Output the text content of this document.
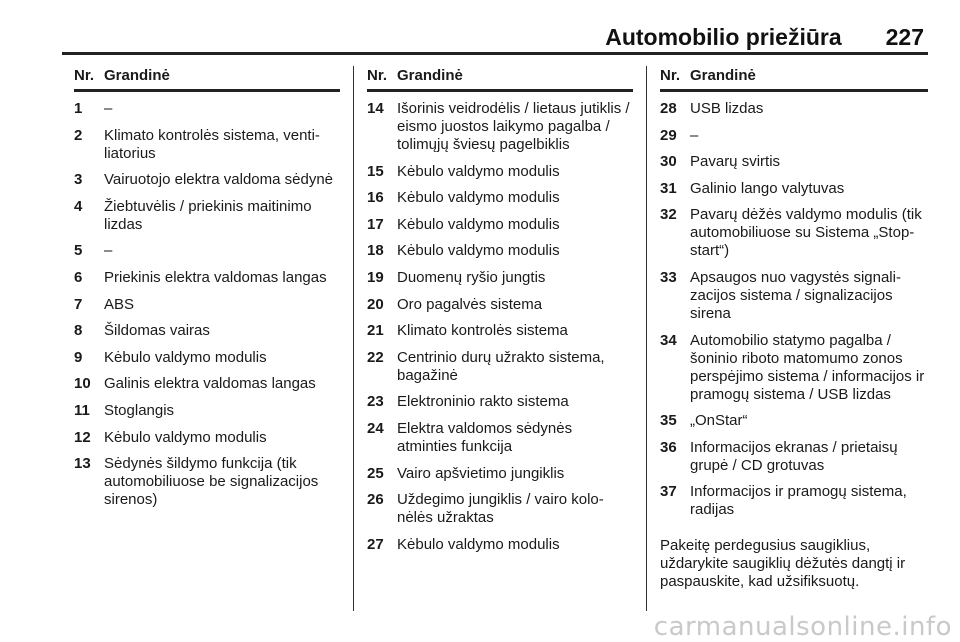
Automobilio priežiūra 227
Nr. Grandinė
1	–
2	Klimato kontrolės sistema, ventiliatorius
3	Vairuotojo elektra valdoma sėdynė
4	Žiebtuvėlis / priekinis maitinimo lizdas
5	–
6	Priekinis elektra valdomas langas
7	ABS
8	Šildomas vairas
9	Kėbulo valdymo modulis
10 Galinis elektra valdomas langas
11 Stoglangis
12 Kėbulo valdymo modulis
13 Sėdynės šildymo funkcija (tik automobiliuose be signalizacijos sirenos)
Nr. Grandinė
14 Išorinis veidrodėlis / lietaus jutiklis / eismo juostos laikymo pagalba / tolimųjų šviesų pagelbiklis
15 Kėbulo valdymo modulis
16 Kėbulo valdymo modulis
17 Kėbulo valdymo modulis
18 Kėbulo valdymo modulis
19 Duomenų ryšio jungtis
20 Oro pagalvės sistema
21 Klimato kontrolės sistema
22 Centrinio durų užrakto sistema, bagažinė
23 Elektroninio rakto sistema
24 Elektra valdomos sėdynės atminties funkcija
25 Vairo apšvietimo jungiklis
26 Uždegimo jungiklis / vairo kolonėlės užraktas
27 Kėbulo valdymo modulis
Nr. Grandinė
28 USB lizdas
29 –
30 Pavarų svirtis
31 Galinio lango valytuvas
32 Pavarų dėžės valdymo modulis (tik automobiliuose su Sistema „Stop-start“)
33 Apsaugos nuo vagystės signalizacijos sistema / signalizacijos sirena
34 Automobilio statymo pagalba / šoninio riboto matomumo zonos perspėjimo sistema / informacijos ir pramogų sistema / USB lizdas
35 „OnStar“
36 Informacijos ekranas / prietaisų grupė / CD grotuvas
37 Informacijos ir pramogų sistema, radijas
Pakeitę perdegusius saugiklius, uždarykite saugiklių dėžutės dangtį ir paspauskite, kad užsifiksuotų.
carmanualsonline.info
